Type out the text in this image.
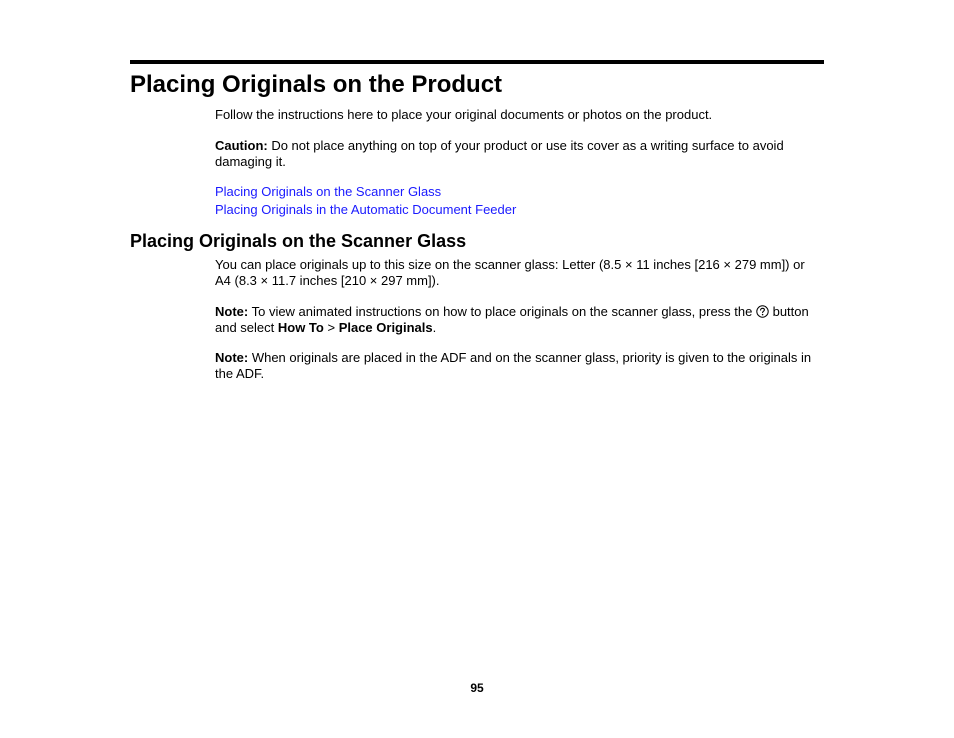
Placing Originals on the Product

Follow the instructions here to place your original documents or photos on the product.

Caution: Do not place anything on top of your product or use its cover as a writing surface to avoid damaging it.

Placing Originals on the Scanner Glass
Placing Originals in the Automatic Document Feeder
Placing Originals on the Scanner Glass

You can place originals up to this size on the scanner glass: Letter (8.5 × 11 inches [216 × 279 mm]) or A4 (8.3 × 11.7 inches [210 × 297 mm]).

Note: To view animated instructions on how to place originals on the scanner glass, press the
button and select How To > Place Originals.

Note: When originals are placed in the ADF and on the scanner glass, priority is given to the originals in the ADF.

95
